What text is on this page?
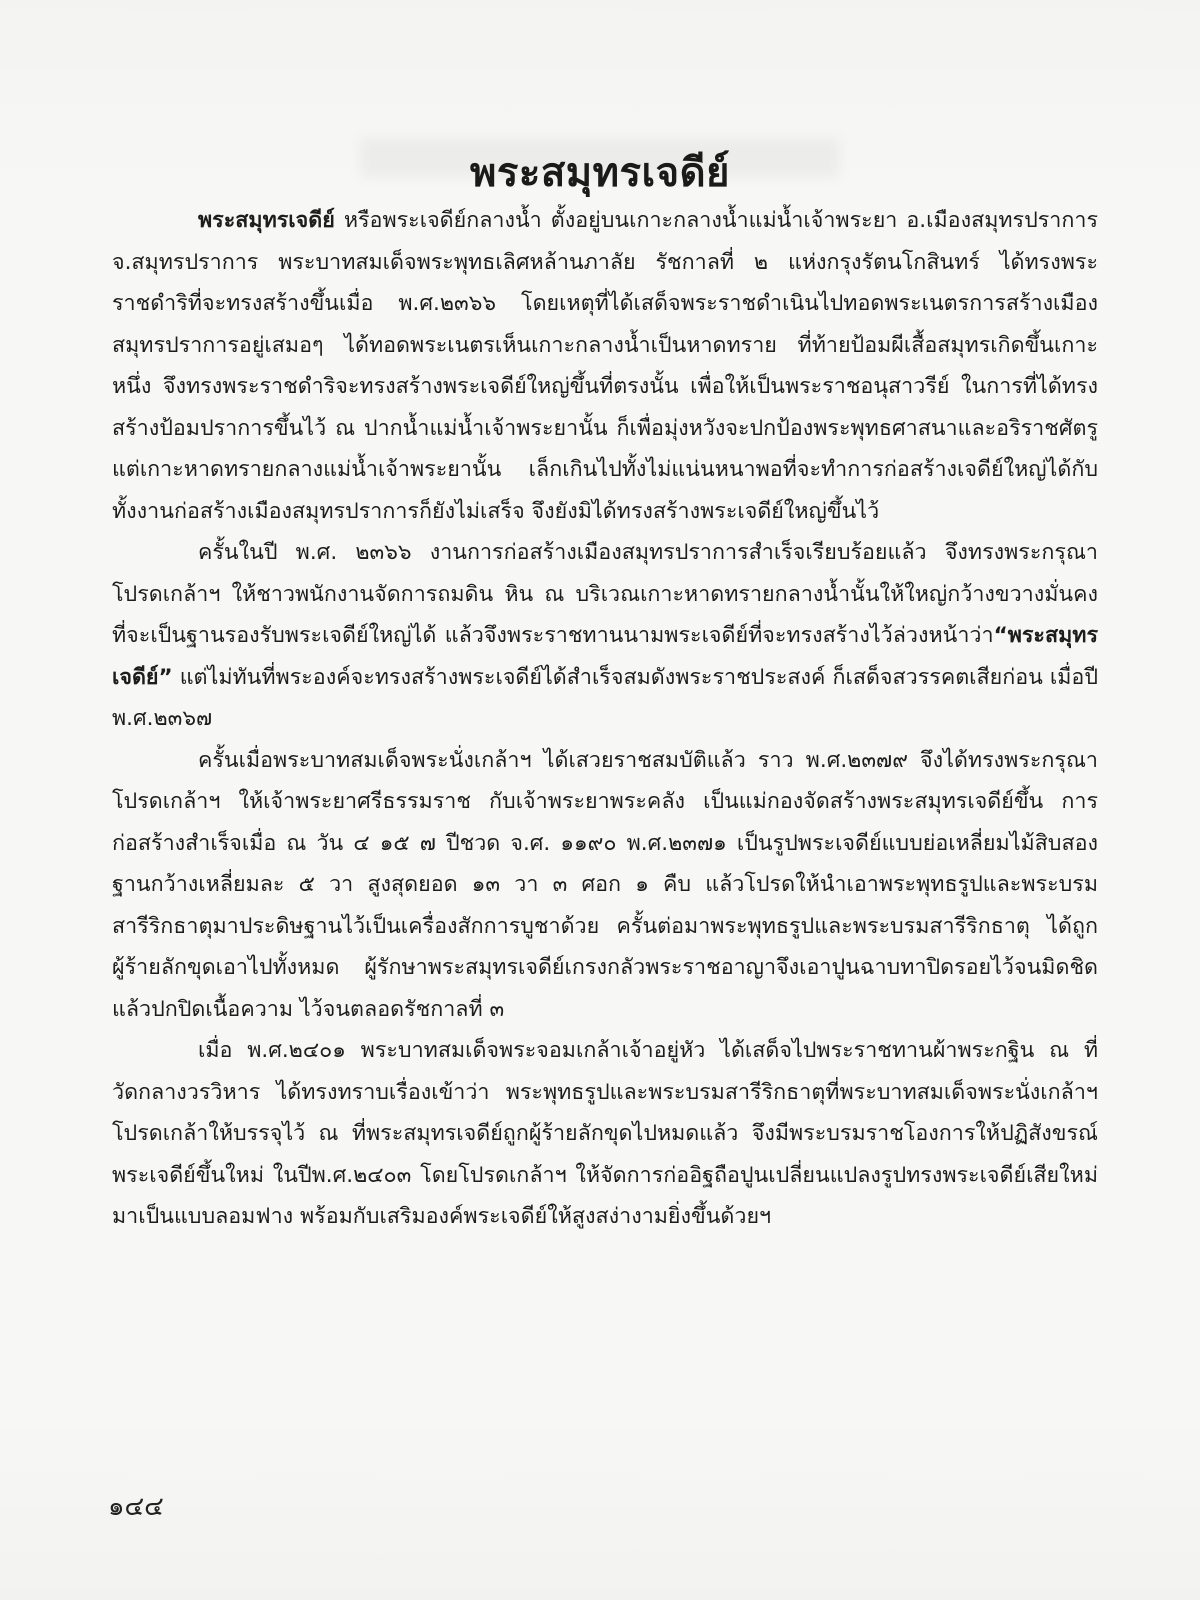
พระสมุทรเจดีย์

พระสมุทรเจดีย์ หรือพระเจดีย์กลางน้ำ ตั้งอยู่บนเกาะกลางน้ำแม่น้ำเจ้าพระยา อ.เมืองสมุทรปราการ จ.สมุทรปราการ พระบาทสมเด็จพระพุทธเลิศหล้านภาลัย รัชกาลที่ ๒ แห่งกรุงรัตนโกสินทร์ ได้ทรงพระราชดำริที่จะทรงสร้างขึ้นเมื่อ พ.ศ.๒๓๖๖ โดยเหตุที่ได้เสด็จพระราชดำเนินไปทอดพระเนตรการสร้างเมืองสมุทรปราการอยู่เสมอๆ ได้ทอดพระเนตรเห็นเกาะกลางน้ำเป็นหาดทราย ที่ท้ายป้อมผีเสื้อสมุทรเกิดขึ้นเกาะหนึ่ง จึงทรงพระราชดำริจะทรงสร้างพระเจดีย์ใหญ่ขึ้นที่ตรงนั้น เพื่อให้เป็นพระราชอนุสาวรีย์ ในการที่ได้ทรงสร้างป้อมปราการขึ้นไว้ ณ ปากน้ำแม่น้ำเจ้าพระยานั้น ก็เพื่อมุ่งหวังจะปกป้องพระพุทธศาสนาและอริราชศัตรู แต่เกาะหาดทรายกลางแม่น้ำเจ้าพระยานั้น เล็กเกินไปทั้งไม่แน่นหนาพอที่จะทำการก่อสร้างเจดีย์ใหญ่ได้กับทั้งงานก่อสร้างเมืองสมุทรปราการก็ยังไม่เสร็จ จึงยังมิได้ทรงสร้างพระเจดีย์ใหญ่ขึ้นไว้

ครั้นในปี พ.ศ. ๒๓๖๖ งานการก่อสร้างเมืองสมุทรปราการสำเร็จเรียบร้อยแล้ว จึงทรงพระกรุณาโปรดเกล้าฯ ให้ชาวพนักงานจัดการถมดิน หิน ณ บริเวณเกาะหาดทรายกลางน้ำนั้นให้ใหญ่กว้างขวางมั่นคง ที่จะเป็นฐานรองรับพระเจดีย์ใหญ่ได้ แล้วจึงพระราชทานนามพระเจดีย์ที่จะทรงสร้างไว้ล่วงหน้าว่า“พระสมุทรเจดีย์” แต่ไม่ทันที่พระองค์จะทรงสร้างพระเจดีย์ได้สำเร็จสมดังพระราชประสงค์ ก็เสด็จสวรรคตเสียก่อน เมื่อปี พ.ศ.๒๓๖๗

ครั้นเมื่อพระบาทสมเด็จพระนั่งเกล้าฯ ได้เสวยราชสมบัติแล้ว ราว พ.ศ.๒๓๗๙ จึงได้ทรงพระกรุณาโปรดเกล้าฯ ให้เจ้าพระยาศรีธรรมราช กับเจ้าพระยาพระคลัง เป็นแม่กองจัดสร้างพระสมุทรเจดีย์ขึ้น การก่อสร้างสำเร็จเมื่อ ณ วัน ๔ ๑๕ ๗ ปีชวด จ.ศ. ๑๑๙๐ พ.ศ.๒๓๗๑ เป็นรูปพระเจดีย์แบบย่อเหลี่ยมไม้สิบสอง ฐานกว้างเหลี่ยมละ ๕ วา สูงสุดยอด ๑๓ วา ๓ ศอก ๑ คืบ แล้วโปรดให้นำเอาพระพุทธรูปและพระบรมสารีริกธาตุมาประดิษฐานไว้เป็นเครื่องสักการบูชาด้วย ครั้นต่อมาพระพุทธรูปและพระบรมสารีริกธาตุ ได้ถูกผู้ร้ายลักขุดเอาไปทั้งหมด ผู้รักษาพระสมุทรเจดีย์เกรงกลัวพระราชอาญาจึงเอาปูนฉาบทาปิดรอยไว้จนมิดชิดแล้วปกปิดเนื้อความ ไว้จนตลอดรัชกาลที่ ๓

เมื่อ พ.ศ.๒๔๐๑ พระบาทสมเด็จพระจอมเกล้าเจ้าอยู่หัว ได้เสด็จไปพระราชทานผ้าพระกฐิน ณ ที่วัดกลางวรวิหาร ได้ทรงทราบเรื่องเข้าว่า พระพุทธรูปและพระบรมสารีริกธาตุที่พระบาทสมเด็จพระนั่งเกล้าฯ โปรดเกล้าให้บรรจุไว้ ณ ที่พระสมุทรเจดีย์ถูกผู้ร้ายลักขุดไปหมดแล้ว จึงมีพระบรมราชโองการให้ปฏิสังขรณ์พระเจดีย์ขึ้นใหม่ ในปีพ.ศ.๒๔๐๓ โดยโปรดเกล้าฯ ให้จัดการก่ออิฐถือปูนเปลี่ยนแปลงรูปทรงพระเจดีย์เสียใหม่ มาเป็นแบบลอมฟาง พร้อมกับเสริมองค์พระเจดีย์ให้สูงสง่างามยิ่งขึ้นด้วยฯ

๑๔๔
